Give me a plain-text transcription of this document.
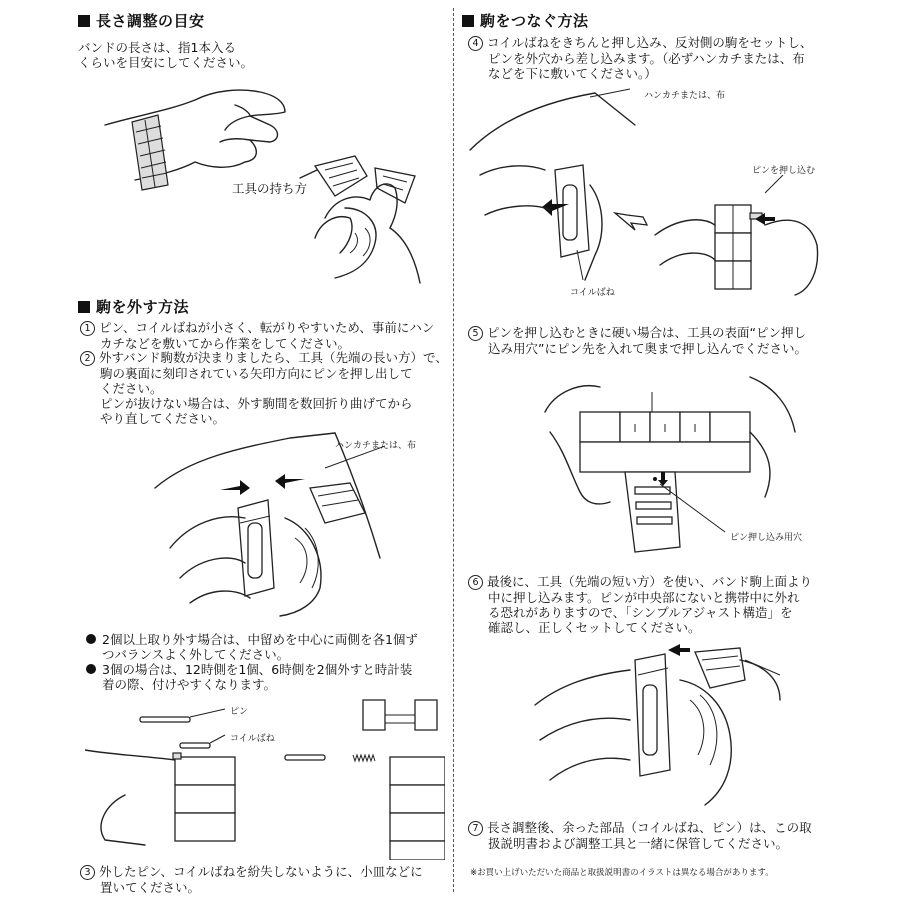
長さ調整の目安
バンドの長さは、指1本入る
くらいを目安にしてください。
工具の持ち方
駒を外す方法
1 ピン、コイルばねが小さく、転がりやすいため、事前にハン
カチなどを敷いてから作業をしてください。
2 外すバンド駒数が決まりましたら、工具（先端の長い方）で、
駒の裏面に刻印されている矢印方向にピンを押し出して
ください。
ピンが抜けない場合は、外す駒間を数回折り曲げてから
やり直してください。
ハンカチまたは、布
2個以上取り外す場合は、中留めを中心に両側を各1個ず
つバランスよく外してください。
3個の場合は、12時側を1個、6時側を2個外すと時計装
着の際、付けやすくなります。
ピン
コイルばね
3 外したピン、コイルばねを紛失しないように、小皿などに
置いてください。
駒をつなぐ方法
4 コイルばねをきちんと押し込み、反対側の駒をセットし、
ピンを外穴から差し込みます。（必ずハンカチまたは、布
などを下に敷いてください。）
ハンカチまたは、布
ピンを押し込む
コイルばね
5 ピンを押し込むときに硬い場合は、工具の表面“ピン押し
込み用穴”にピン先を入れて奥まで押し込んでください。
ピン押し込み用穴
6 最後に、工具（先端の短い方）を使い、バンド駒上面より
中に押し込みます。ピンが中央部にないと携帯中に外れ
る恐れがありますので、「シンプルアジャスト構造」を
確認し、正しくセットしてください。
7 長さ調整後、余った部品（コイルばね、ピン）は、この取
扱説明書および調整工具と一緒に保管してください。
※お買い上げいただいた商品と取扱説明書のイラストは異なる場合があります。
